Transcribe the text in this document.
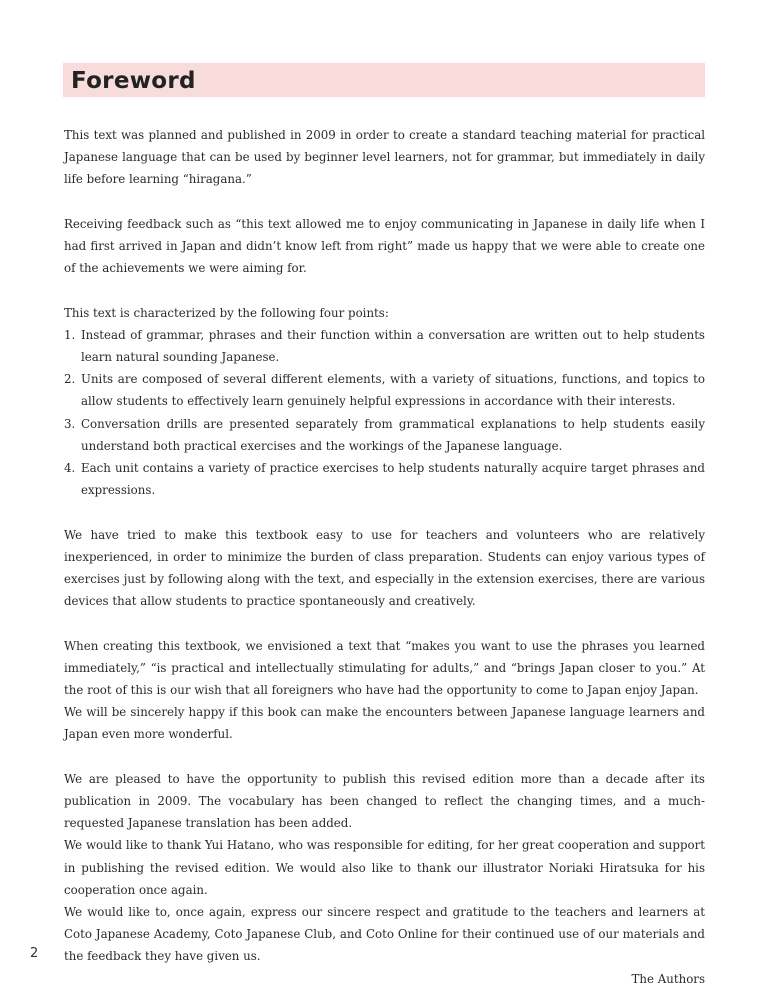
Foreword

This text was planned and published in 2009 in order to create a standard teaching material for practical Japanese language that can be used by beginner level learners, not for grammar, but immediately in daily life before learning “hiragana.”

Receiving feedback such as “this text allowed me to enjoy communicating in Japanese in daily life when I had first arrived in Japan and didn’t know left from right” made us happy that we were able to create one of the achievements we were aiming for.

This text is characterized by the following four points:

1. Instead of grammar, phrases and their function within a conversation are written out to help students learn natural sounding Japanese.
2. Units are composed of several different elements, with a variety of situations, functions, and topics to allow students to effectively learn genuinely helpful expressions in accordance with their interests.
3. Conversation drills are presented separately from grammatical explanations to help students easily understand both practical exercises and the workings of the Japanese language.
4. Each unit contains a variety of practice exercises to help students naturally acquire target phrases and expressions.

We have tried to make this textbook easy to use for teachers and volunteers who are relatively inexperienced, in order to minimize the burden of class preparation. Students can enjoy various types of exercises just by following along with the text, and especially in the extension exercises, there are various devices that allow students to practice spontaneously and creatively.

When creating this textbook, we envisioned a text that “makes you want to use the phrases you learned immediately,” “is practical and intellectually stimulating for adults,” and “brings Japan closer to you.” At the root of this is our wish that all foreigners who have had the opportunity to come to Japan enjoy Japan.

We will be sincerely happy if this book can make the encounters between Japanese language learners and Japan even more wonderful.

We are pleased to have the opportunity to publish this revised edition more than a decade after its publication in 2009. The vocabulary has been changed to reflect the changing times, and a much-requested Japanese translation has been added.

We would like to thank Yui Hatano, who was responsible for editing, for her great cooperation and support in publishing the revised edition. We would also like to thank our illustrator Noriaki Hiratsuka for his cooperation once again.

We would like to, once again, express our sincere respect and gratitude to the teachers and learners at Coto Japanese Academy, Coto Japanese Club, and Coto Online for their continued use of our materials and the feedback they have given us.

The Authors

2
